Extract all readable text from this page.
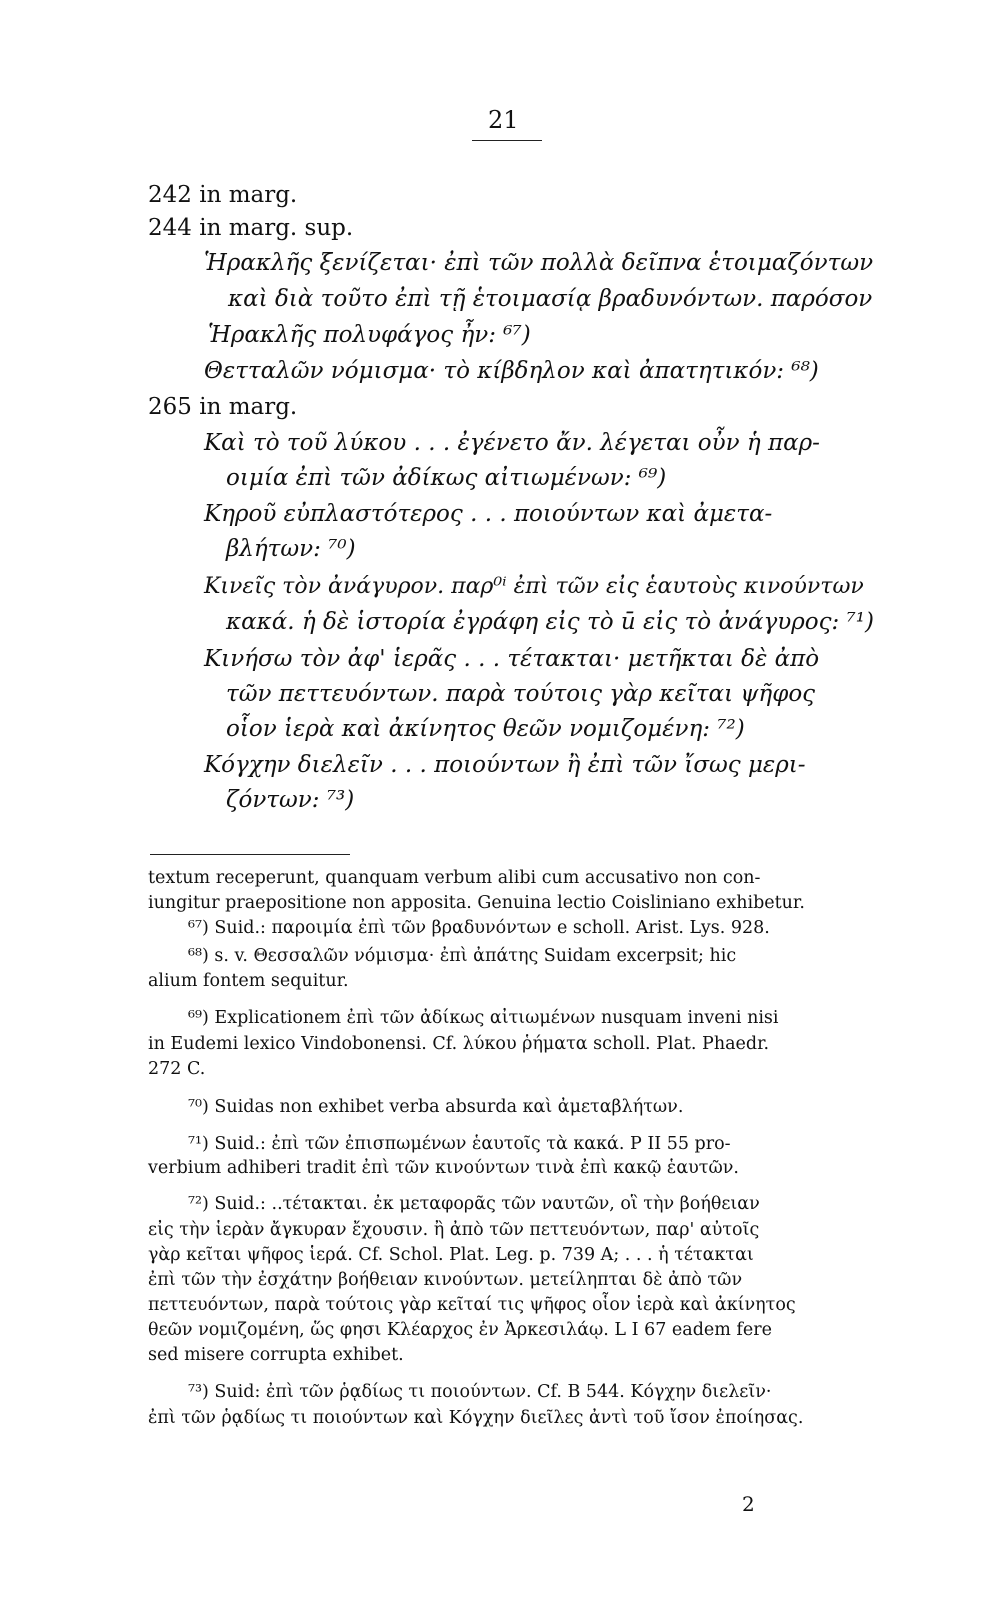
21
242 in marg.
244 in marg. sup.
Ἡρακλῆς ξενίζεται· ἐπὶ τῶν πολλὰ δεῖπνα ἑτοιμαζόντων
καὶ διὰ τοῦτο ἐπὶ τῇ ἑτοιμασίᾳ βραδυνόντων. παρόσον
Ἡρακλῆς πολυφάγος ἦν: ⁶⁷)
Θετταλῶν νόμισμα· τὸ κίβδηλον καὶ ἀπατητικόν: ⁶⁸)
265 in marg.
Καὶ τὸ τοῦ λύκου . . . ἐγένετο ἄν. λέγεται οὖν ἡ παρ-
οιμία ἐπὶ τῶν ἀδίκως αἰτιωμένων: ⁶⁹)
Κηροῦ εὐπλαστότερος . . . ποιούντων καὶ ἀμετα-
βλήτων: ⁷⁰)
Κινεῖς τὸν ἀνάγυρον. παρ⁰ⁱ ἐπὶ τῶν εἰς ἑαυτοὺς κινούντων
κακά. ἡ δὲ ἱστορία ἐγράφη εἰς τὸ ū εἰς τὸ ἀνάγυρος: ⁷¹)
Κινήσω τὸν ἀφ' ἱερᾶς . . . τέτακται· μετῆκται δὲ ἀπὸ
τῶν πεττευόντων. παρὰ τούτοις γὰρ κεῖται ψῆφος
οἷον ἱερὰ καὶ ἀκίνητος θεῶν νομιζομένη: ⁷²)
Κόγχην διελεῖν . . . ποιούντων ἢ ἐπὶ τῶν ἴσως μερι-
ζόντων: ⁷³)
textum receperunt, quanquam verbum alibi cum accusativo non con-
iungitur praepositione non apposita. Genuina lectio Coisliniano exhibetur.
⁶⁷) Suid.: παροιμία ἐπὶ τῶν βραδυνόντων e scholl. Arist. Lys. 928.
⁶⁸) s. v. Θεσσαλῶν νόμισμα· ἐπὶ ἀπάτης Suidam excerpsit; hic
alium fontem sequitur.
⁶⁹) Explicationem ἐπὶ τῶν ἀδίκως αἰτιωμένων nusquam inveni nisi
in Eudemi lexico Vindobonensi. Cf. λύκου ῥήματα scholl. Plat. Phaedr.
272 C.
⁷⁰) Suidas non exhibet verba absurda καὶ ἀμεταβλήτων.
⁷¹) Suid.: ἐπὶ τῶν ἐπισπωμένων ἑαυτοῖς τὰ κακά. P II 55 pro-
verbium adhiberi tradit ἐπὶ τῶν κινούντων τινὰ ἐπὶ κακῷ ἑαυτῶν.
⁷²) Suid.: ..τέτακται. ἐκ μεταφορᾶς τῶν ναυτῶν, οἳ τὴν βοήθειαν
εἰς τὴν ἱερὰν ἄγκυραν ἔχουσιν. ἢ ἀπὸ τῶν πεττευόντων, παρ' αὐτοῖς
γὰρ κεῖται ψῆφος ἱερά. Cf. Schol. Plat. Leg. p. 739 A; . . . ἡ τέτακται
ἐπὶ τῶν τὴν ἐσχάτην βοήθειαν κινούντων. μετείληπται δὲ ἀπὸ τῶν
πεττευόντων, παρὰ τούτοις γὰρ κεῖταί τις ψῆφος οἷον ἱερὰ καὶ ἀκίνητος
θεῶν νομιζομένη, ὥς φησι Κλέαρχος ἐν Ἀρκεσιλάῳ. L I 67 eadem fere
sed misere corrupta exhibet.
⁷³) Suid: ἐπὶ τῶν ῥᾳδίως τι ποιούντων. Cf. B 544. Κόγχην διελεῖν·
ἐπὶ τῶν ῥᾳδίως τι ποιούντων καὶ Κόγχην διεῖλες ἀντὶ τοῦ ἴσον ἐποίησας.
2
